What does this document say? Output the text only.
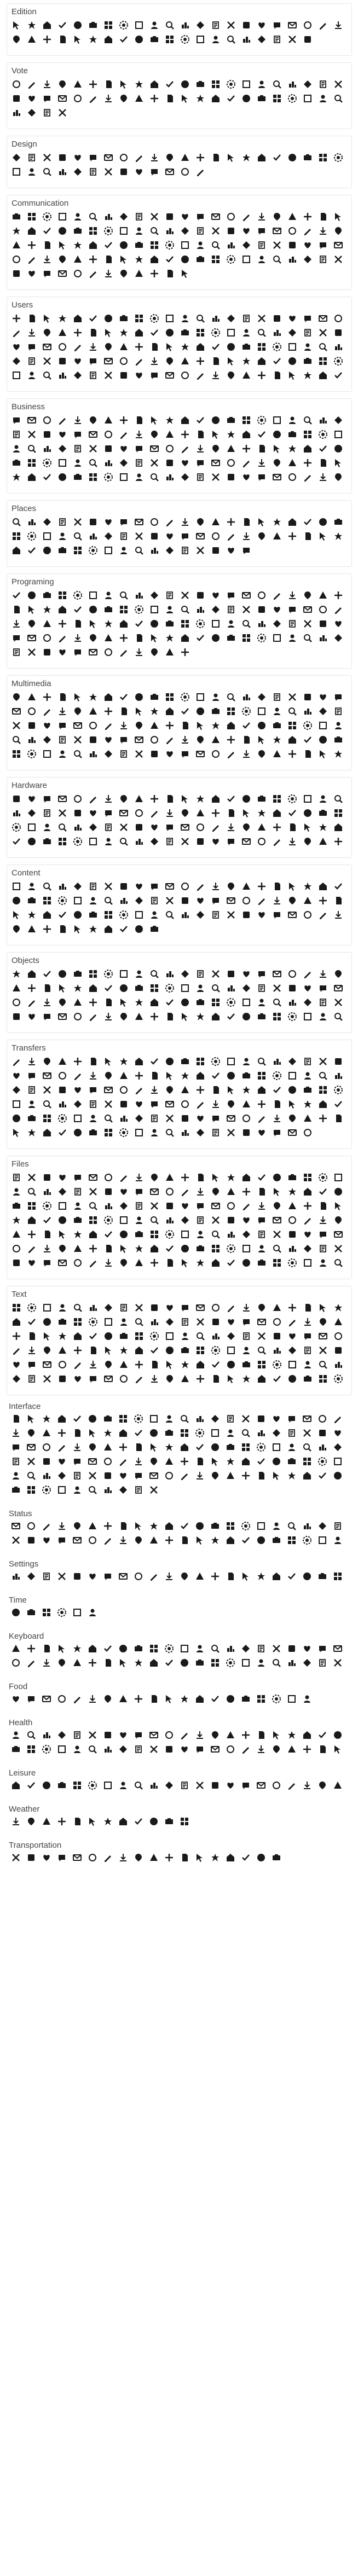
Edition
Vote
Design
Communication
Users
Business
Places
Programing
Multimedia
Hardware
Content
Objects
Transfers
Files
Text
Interface
Status
Settings
Time
Keyboard
Food
Health
Leisure
Weather
Transportation
